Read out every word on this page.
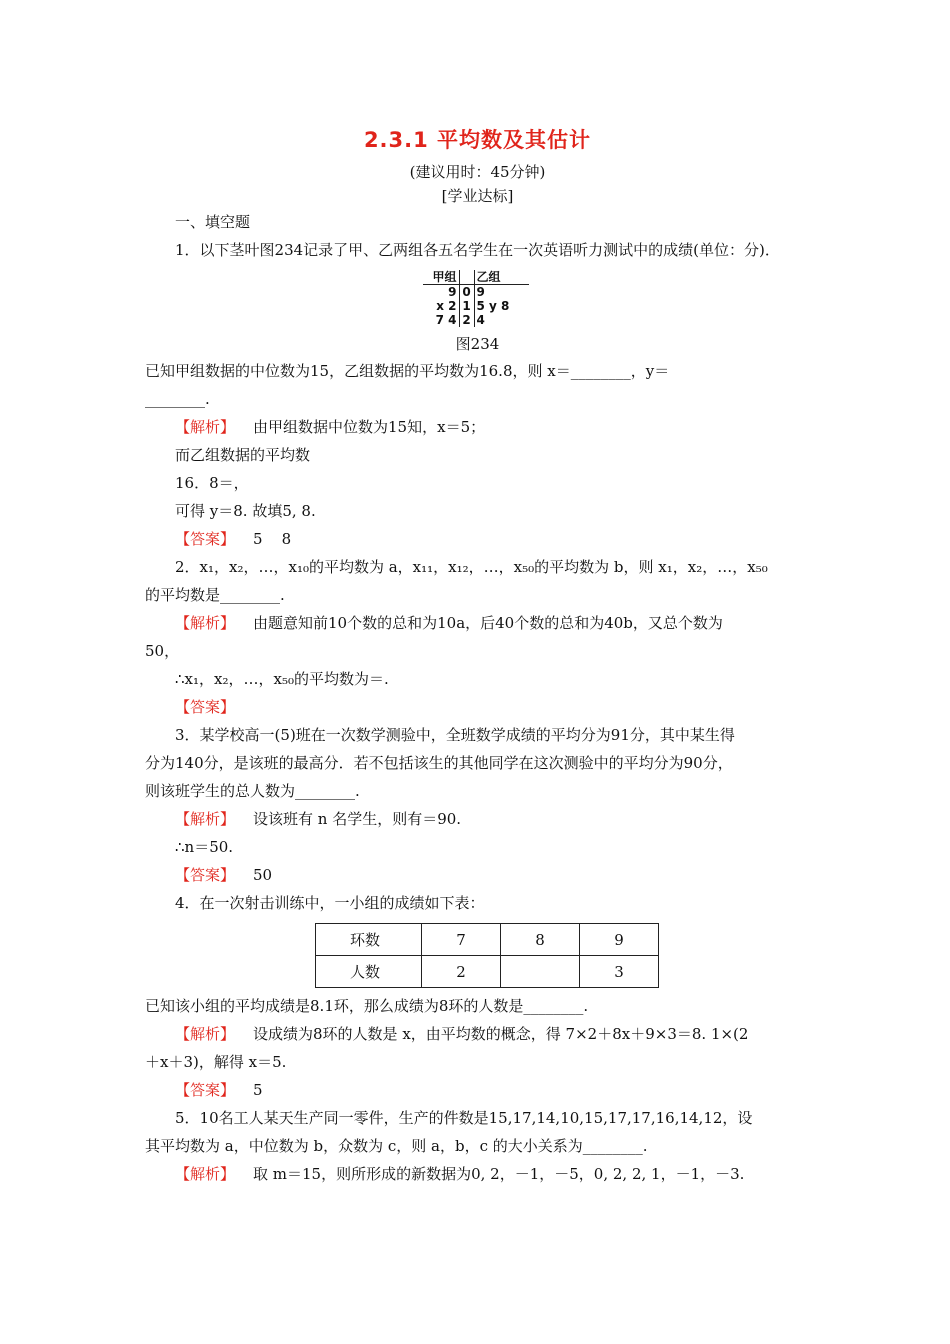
2.3.1 平均数及其估计
(建议用时：45分钟)
[学业达标]

一、填空题

1．以下茎叶图234记录了甲、乙两组各五名学生在一次英语听力测试中的成绩(单位：分)．

甲组		乙组
9	0	9
x 2	1	5 y 8
7 4	2	4
图234

已知甲组数据的中位数为15，乙组数据的平均数为16.8，则 x＝________，y＝

________.

【解析】 由甲组数据中位数为15知，x＝5；

而乙组数据的平均数

16．8＝，

可得 y＝8. 故填5, 8.

【答案】 5    8

2．x₁，x₂，…，x₁₀的平均数为 a，x₁₁，x₁₂，…，x₅₀的平均数为 b，则 x₁，x₂，…，x₅₀

的平均数是________.

【解析】 由题意知前10个数的总和为10a，后40个数的总和为40b，又总个数为

50，

∴x₁，x₂，…，x₅₀的平均数为＝.

【答案】

3．某学校高一(5)班在一次数学测验中，全班数学成绩的平均分为91分，其中某生得

分为140分，是该班的最高分．若不包括该生的其他同学在这次测验中的平均分为90分，

则该班学生的总人数为________.

【解析】 设该班有 n 名学生，则有＝90.

∴n＝50.

【答案】 50

4．在一次射击训练中，一小组的成绩如下表：

环数	7	8	9
人数	2		3

已知该小组的平均成绩是8.1环，那么成绩为8环的人数是________.

【解析】 设成绩为8环的人数是 x，由平均数的概念，得 7×2＋8x＋9×3＝8. 1×(2

＋x＋3)，解得 x＝5.

【答案】 5

5．10名工人某天生产同一零件，生产的件数是15,17,14,10,15,17,17,16,14,12，设

其平均数为 a，中位数为 b，众数为 c，则 a，b，c 的大小关系为________.

【解析】 取 m＝15，则所形成的新数据为0, 2，－1，－5，0, 2, 2, 1，－1，－3.
